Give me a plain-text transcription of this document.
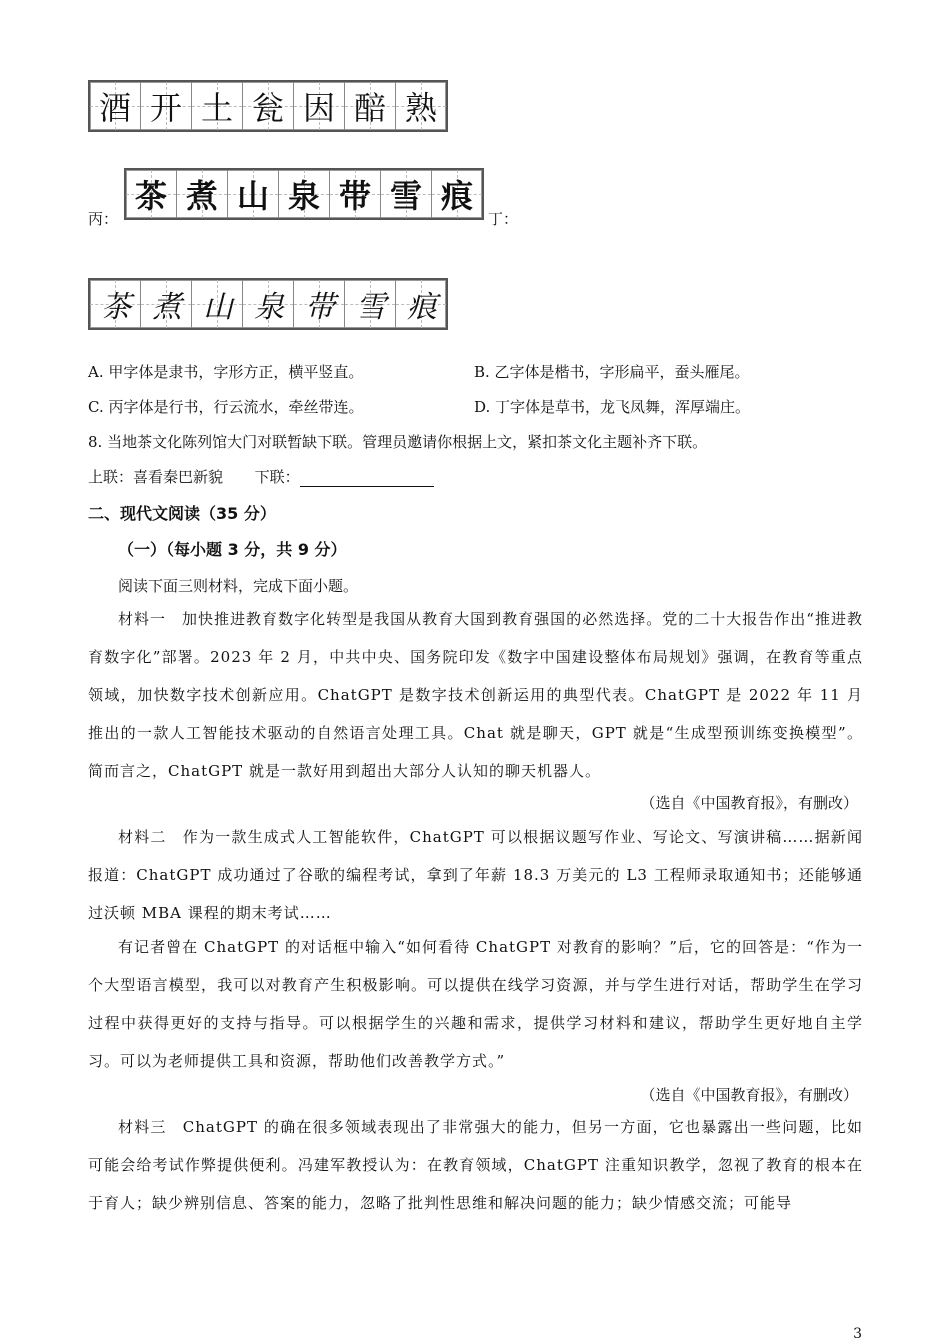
酒 开 土 瓮 因 醅 熟
丙：
茶 煮 山 泉 带 雪 痕
丁：
茶 煮 山 泉 带 雪 痕
A. 甲字体是隶书，字形方正，横平竖直。	B. 乙字体是楷书，字形扁平，蚕头雁尾。
C. 丙字体是行书，行云流水，牵丝带连。	D. 丁字体是草书，龙飞凤舞，浑厚端庄。
8. 当地茶文化陈列馆大门对联暂缺下联。管理员邀请你根据上文，紧扣茶文化主题补齐下联。
上联：喜看秦巴新貌 下联：
二、现代文阅读（35 分）
（一）（每小题 3 分，共 9 分）
阅读下面三则材料，完成下面小题。
材料一　加快推进教育数字化转型是我国从教育大国到教育强国的必然选择。党的二十大报告作出“推进教育数字化”部署。2023 年 2 月，中共中央、国务院印发《数字中国建设整体布局规划》强调，在教育等重点领域，加快数字技术创新应用。ChatGPT 是数字技术创新运用的典型代表。ChatGPT 是 2022 年 11 月推出的一款人工智能技术驱动的自然语言处理工具。Chat 就是聊天，GPT 就是“生成型预训练变换模型”。简而言之，ChatGPT 就是一款好用到超出大部分人认知的聊天机器人。
（选自《中国教育报》，有删改）
材料二　作为一款生成式人工智能软件，ChatGPT 可以根据议题写作业、写论文、写演讲稿……据新闻报道：ChatGPT 成功通过了谷歌的编程考试，拿到了年薪 18.3 万美元的 L3 工程师录取通知书；还能够通过沃顿 MBA 课程的期末考试……
有记者曾在 ChatGPT 的对话框中输入“如何看待 ChatGPT 对教育的影响？”后，它的回答是：“作为一个大型语言模型，我可以对教育产生积极影响。可以提供在线学习资源，并与学生进行对话，帮助学生在学习过程中获得更好的支持与指导。可以根据学生的兴趣和需求，提供学习材料和建议，帮助学生更好地自主学习。可以为老师提供工具和资源，帮助他们改善教学方式。”
（选自《中国教育报》，有删改）
材料三　ChatGPT 的确在很多领域表现出了非常强大的能力，但另一方面，它也暴露出一些问题，比如可能会给考试作弊提供便利。冯建军教授认为：在教育领域，ChatGPT 注重知识教学，忽视了教育的根本在于育人；缺少辨别信息、答案的能力，忽略了批判性思维和解决问题的能力；缺少情感交流；可能导
3
